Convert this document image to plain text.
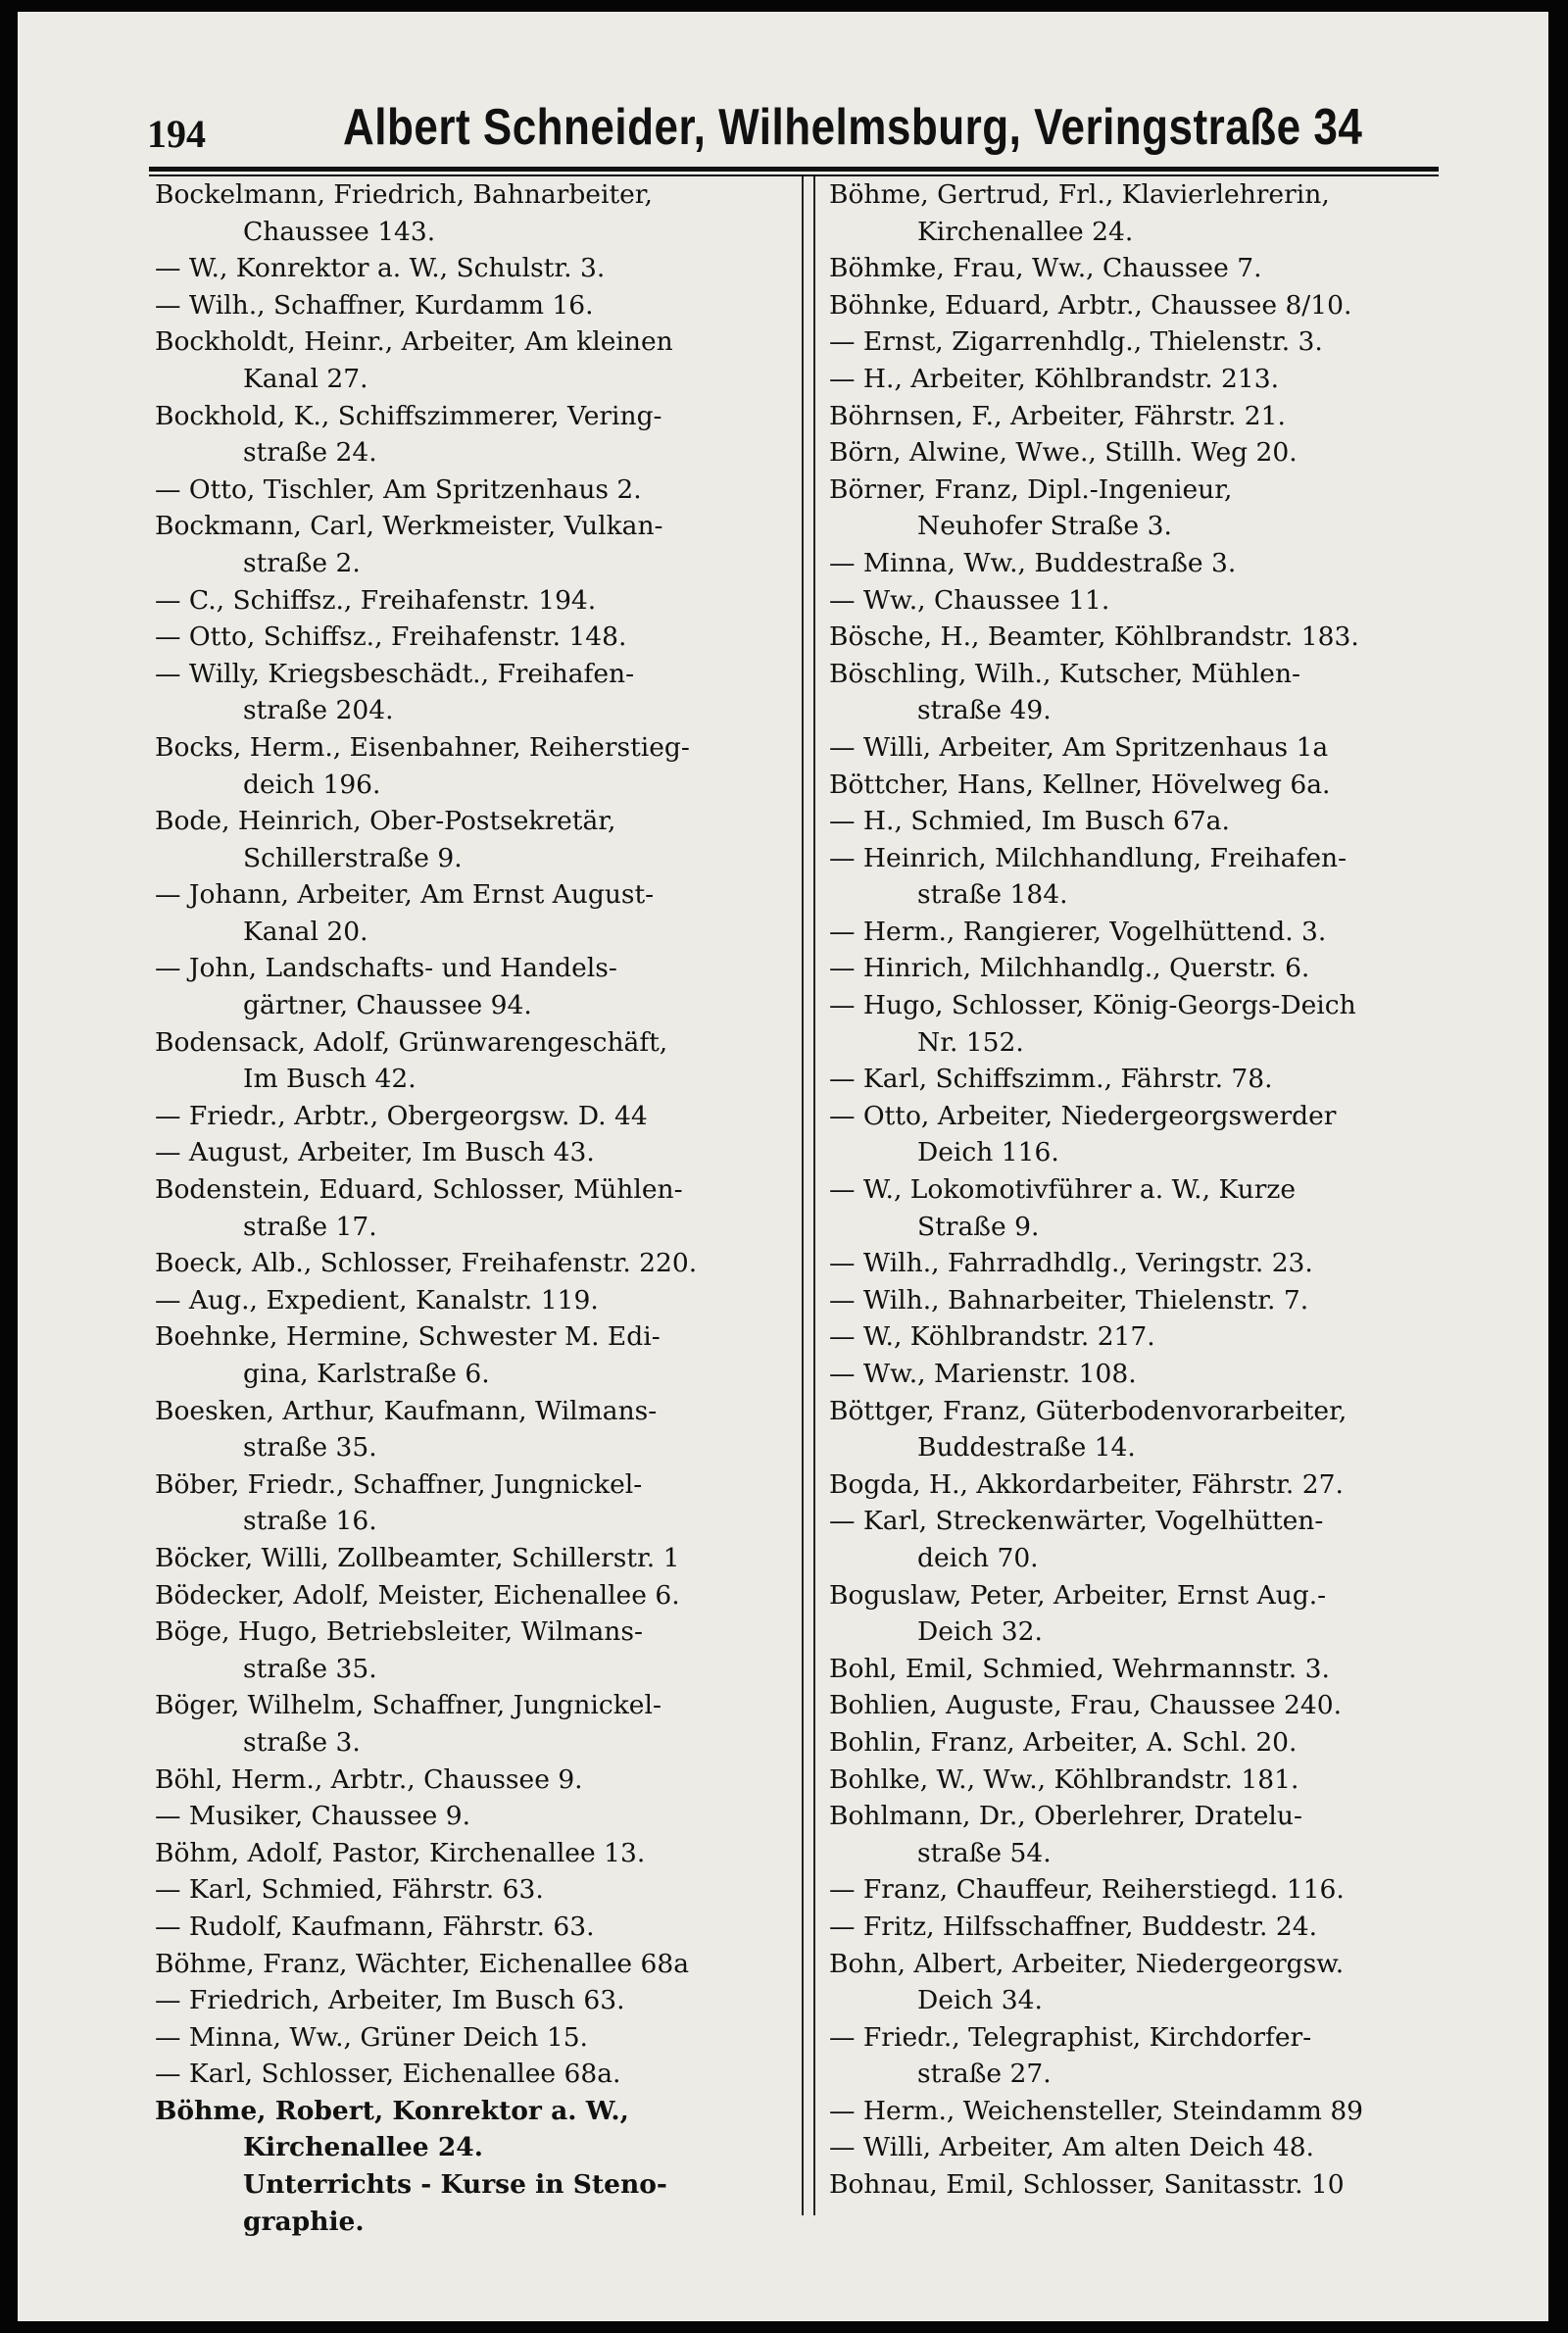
194	Albert Schneider, Wilhelmsburg, Veringstraße 34
Bockelmann, Friedrich, Bahnarbeiter,
Chaussee 143.
— W., Konrektor a. W., Schulstr. 3.
— Wilh., Schaffner, Kurdamm 16.
Bockholdt, Heinr., Arbeiter, Am kleinen
Kanal 27.
Bockhold, K., Schiffszimmerer, Vering-
straße 24.
— Otto, Tischler, Am Spritzenhaus 2.
Bockmann, Carl, Werkmeister, Vulkan-
straße 2.
— C., Schiffsz., Freihafenstr. 194.
— Otto, Schiffsz., Freihafenstr. 148.
— Willy, Kriegsbeschädt., Freihafen-
straße 204.
Bocks, Herm., Eisenbahner, Reiherstieg-
deich 196.
Bode, Heinrich, Ober-Postsekretär,
Schillerstraße 9.
— Johann, Arbeiter, Am Ernst August-
Kanal 20.
— John, Landschafts- und Handels-
gärtner, Chaussee 94.
Bodensack, Adolf, Grünwarengeschäft,
Im Busch 42.
— Friedr., Arbtr., Obergeorgsw. D. 44
— August, Arbeiter, Im Busch 43.
Bodenstein, Eduard, Schlosser, Mühlen-
straße 17.
Boeck, Alb., Schlosser, Freihafenstr. 220.
— Aug., Expedient, Kanalstr. 119.
Boehnke, Hermine, Schwester M. Edi-
gina, Karlstraße 6.
Boesken, Arthur, Kaufmann, Wilmans-
straße 35.
Böber, Friedr., Schaffner, Jungnickel-
straße 16.
Böcker, Willi, Zollbeamter, Schillerstr. 1
Bödecker, Adolf, Meister, Eichenallee 6.
Böge, Hugo, Betriebsleiter, Wilmans-
straße 35.
Böger, Wilhelm, Schaffner, Jungnickel-
straße 3.
Böhl, Herm., Arbtr., Chaussee 9.
— Musiker, Chaussee 9.
Böhm, Adolf, Pastor, Kirchenallee 13.
— Karl, Schmied, Fährstr. 63.
— Rudolf, Kaufmann, Fährstr. 63.
Böhme, Franz, Wächter, Eichenallee 68a
— Friedrich, Arbeiter, Im Busch 63.
— Minna, Ww., Grüner Deich 15.
— Karl, Schlosser, Eichenallee 68a.
Böhme, Robert, Konrektor a. W.,
Kirchenallee 24.
Unterrichts - Kurse in Steno-
graphie.
Böhme, Gertrud, Frl., Klavierlehrerin,
Kirchenallee 24.
Böhmke, Frau, Ww., Chaussee 7.
Böhnke, Eduard, Arbtr., Chaussee 8/10.
— Ernst, Zigarrenhdlg., Thielenstr. 3.
— H., Arbeiter, Köhlbrandstr. 213.
Böhrnsen, F., Arbeiter, Fährstr. 21.
Börn, Alwine, Wwe., Stillh. Weg 20.
Börner, Franz, Dipl.-Ingenieur,
Neuhofer Straße 3.
— Minna, Ww., Buddestraße 3.
— Ww., Chaussee 11.
Bösche, H., Beamter, Köhlbrandstr. 183.
Böschling, Wilh., Kutscher, Mühlen-
straße 49.
— Willi, Arbeiter, Am Spritzenhaus 1a
Böttcher, Hans, Kellner, Hövelweg 6a.
— H., Schmied, Im Busch 67a.
— Heinrich, Milchhandlung, Freihafen-
straße 184.
— Herm., Rangierer, Vogelhüttend. 3.
— Hinrich, Milchhandlg., Querstr. 6.
— Hugo, Schlosser, König-Georgs-Deich
Nr. 152.
— Karl, Schiffszimm., Fährstr. 78.
— Otto, Arbeiter, Niedergeorgswerder
Deich 116.
— W., Lokomotivführer a. W., Kurze
Straße 9.
— Wilh., Fahrradhdlg., Veringstr. 23.
— Wilh., Bahnarbeiter, Thielenstr. 7.
— W., Köhlbrandstr. 217.
— Ww., Marienstr. 108.
Böttger, Franz, Güterbodenvorarbeiter,
Buddestraße 14.
Bogda, H., Akkordarbeiter, Fährstr. 27.
— Karl, Streckenwärter, Vogelhütten-
deich 70.
Boguslaw, Peter, Arbeiter, Ernst Aug.-
Deich 32.
Bohl, Emil, Schmied, Wehrmannstr. 3.
Bohlien, Auguste, Frau, Chaussee 240.
Bohlin, Franz, Arbeiter, A. Schl. 20.
Bohlke, W., Ww., Köhlbrandstr. 181.
Bohlmann, Dr., Oberlehrer, Dratelu-
straße 54.
— Franz, Chauffeur, Reiherstiegd. 116.
— Fritz, Hilfsschaffner, Buddestr. 24.
Bohn, Albert, Arbeiter, Niedergeorgsw.
Deich 34.
— Friedr., Telegraphist, Kirchdorfer-
straße 27.
— Herm., Weichensteller, Steindamm 89
— Willi, Arbeiter, Am alten Deich 48.
Bohnau, Emil, Schlosser, Sanitasstr. 10
